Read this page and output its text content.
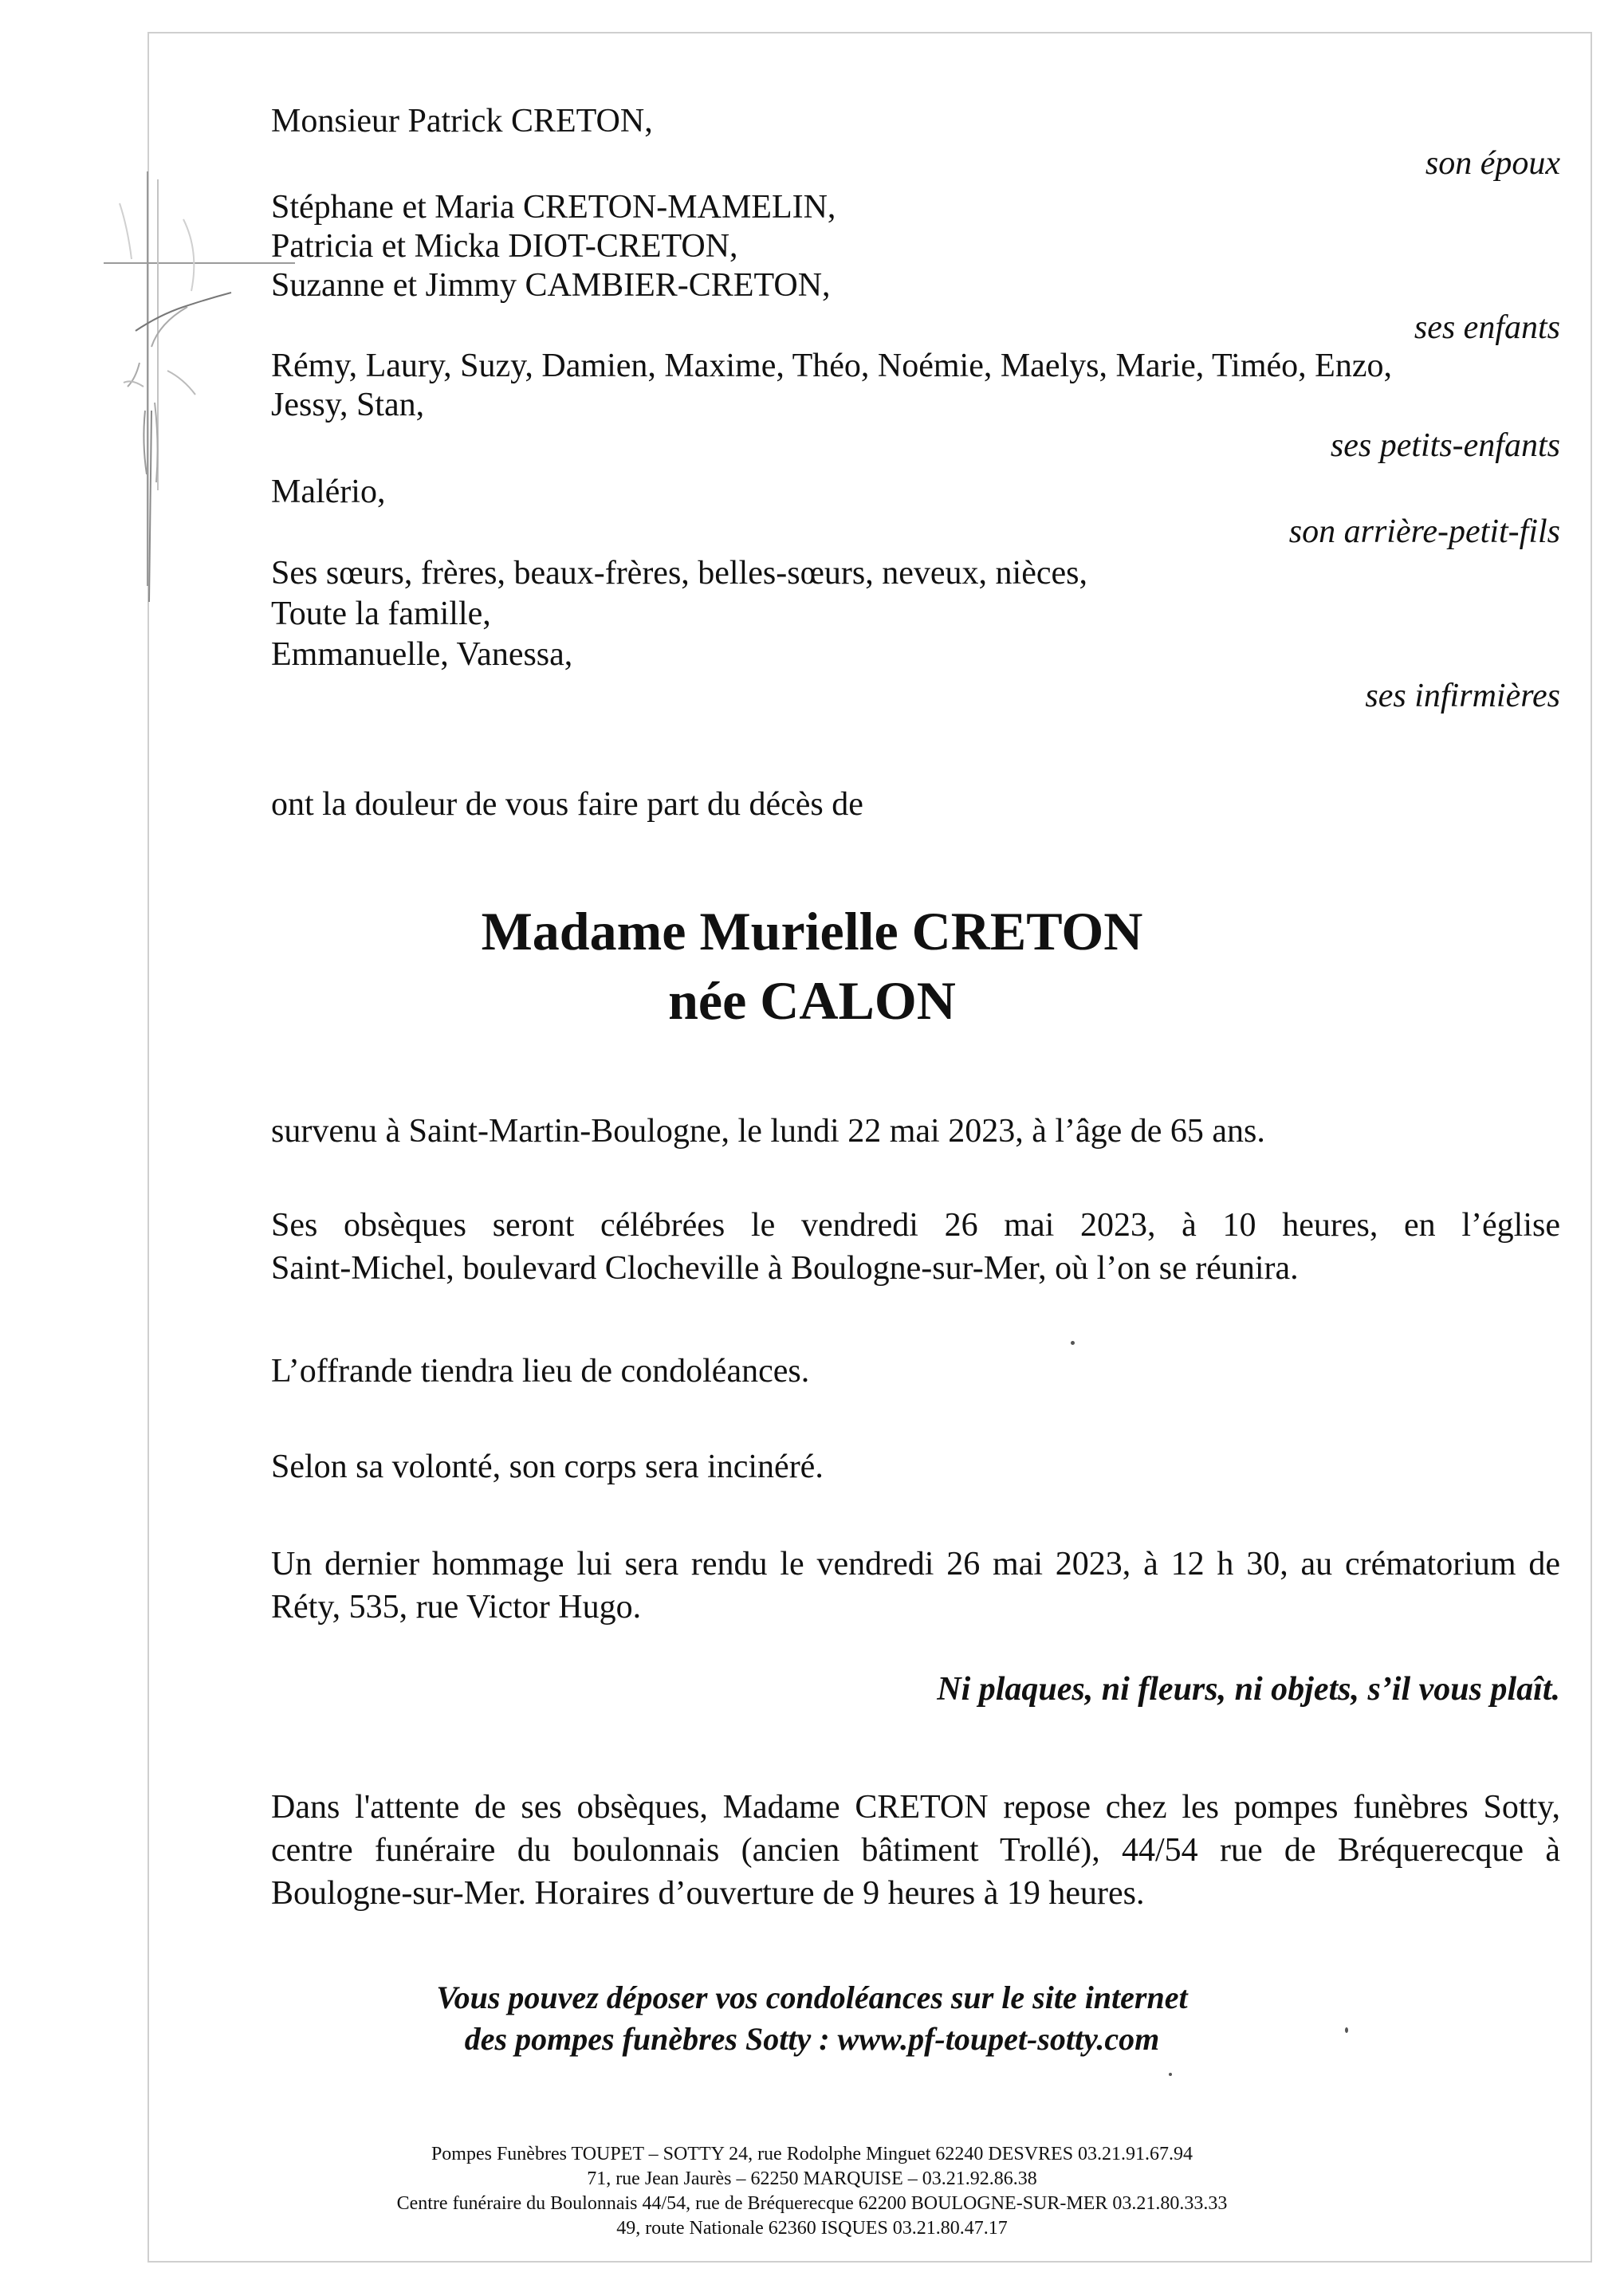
Monsieur Patrick CRETON,
son époux
Stéphane et Maria CRETON-MAMELIN,
Patricia et Micka DIOT-CRETON,
Suzanne et Jimmy CAMBIER-CRETON,
ses enfants
Rémy, Laury, Suzy, Damien, Maxime, Théo, Noémie, Maelys, Marie, Timéo, Enzo,
Jessy, Stan,
ses petits-enfants
Malério,
son arrière-petit-fils
Ses sœurs, frères, beaux-frères, belles-sœurs, neveux, nièces,
Toute la famille,
Emmanuelle, Vanessa,
ses infirmières
ont la douleur de vous faire part du décès de
Madame Murielle CRETON
née CALON
survenu à Saint-Martin-Boulogne, le lundi 22 mai 2023, à l’âge de 65 ans.
Ses obsèques seront célébrées le vendredi 26 mai 2023, à 10 heures, en l’église
Saint-Michel, boulevard Clocheville à Boulogne-sur-Mer, où l’on se réunira.
L’offrande tiendra lieu de condoléances.
Selon sa volonté, son corps sera incinéré.
Un dernier hommage lui sera rendu le vendredi 26 mai 2023, à 12 h 30, au crématorium de
Réty, 535, rue Victor Hugo.
Ni plaques, ni fleurs, ni objets, s’il vous plaît.
Dans l'attente de ses obsèques, Madame CRETON repose chez les pompes funèbres Sotty,
centre funéraire du boulonnais (ancien bâtiment Trollé), 44/54 rue de Bréquerecque à
Boulogne-sur-Mer. Horaires d’ouverture de 9 heures à 19 heures.
Vous pouvez déposer vos condoléances sur le site internet
des pompes funèbres Sotty : www.pf-toupet-sotty.com
Pompes Funèbres TOUPET – SOTTY 24, rue Rodolphe Minguet 62240 DESVRES 03.21.91.67.94
71, rue Jean Jaurès – 62250 MARQUISE – 03.21.92.86.38
Centre funéraire du Boulonnais 44/54, rue de Bréquerecque 62200 BOULOGNE-SUR-MER 03.21.80.33.33
49, route Nationale 62360 ISQUES 03.21.80.47.17
